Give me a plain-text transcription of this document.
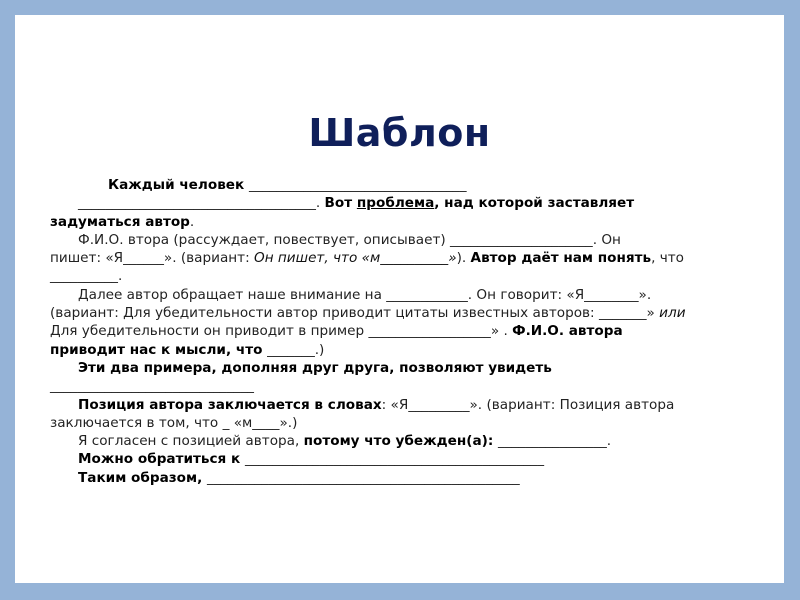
Шаблон
Каждый человек ________________________________
___________________________________. Вот проблема, над которой заставляет
задуматься автор.
Ф.И.О. втора (рассуждает, повествует, описывает) _____________________. Он
пишет: «Я______». (вариант: Он пишет, что «м__________»). Автор даёт нам понять, что
__________.
Далее автор обращает наше внимание на ____________. Он говорит: «Я________».
(вариант: Для убедительности автор приводит цитаты известных авторов: _______» или
Для убедительности он приводит в пример __________________» . Ф.И.О. автора
приводит нас к мысли, что _______.)
Эти два примера, дополняя друг друга, позволяют увидеть
______________________________
Позиция автора заключается в словах: «Я_________». (вариант: Позиция автора
заключается в том, что _ «м____».)
Я согласен с позицией автора, потому что убежден(а): ________________.
Можно обратиться к ____________________________________________
Таким образом, ______________________________________________
